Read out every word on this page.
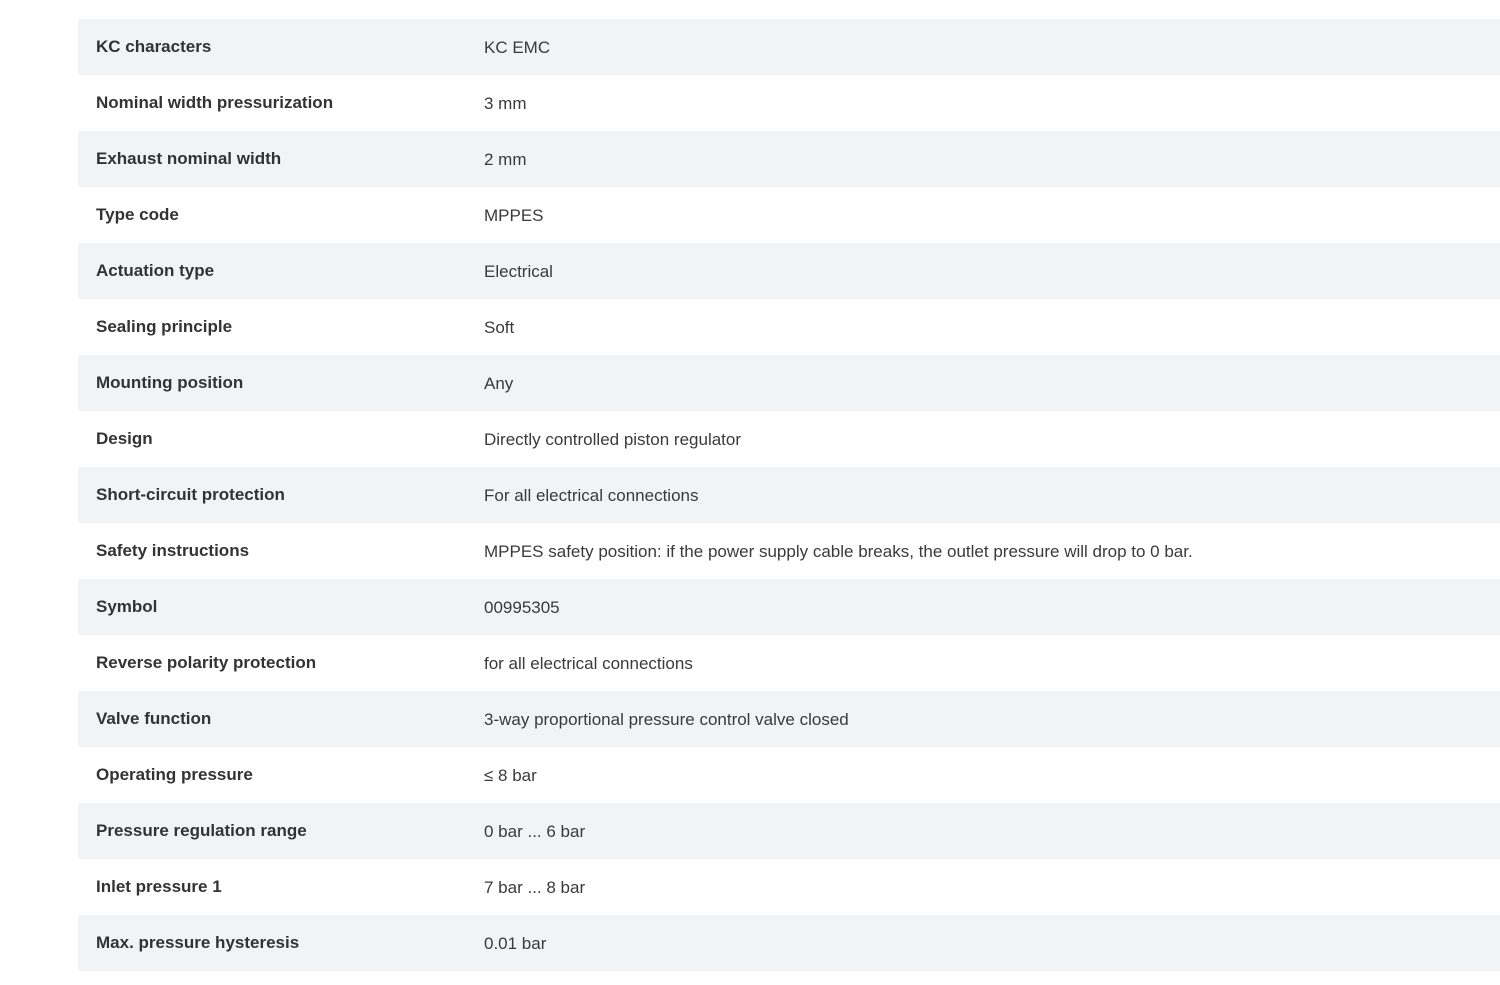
KC characters	KC EMC
Nominal width pressurization	3 mm
Exhaust nominal width	2 mm
Type code	MPPES
Actuation type	Electrical
Sealing principle	Soft
Mounting position	Any
Design	Directly controlled piston regulator
Short-circuit protection	For all electrical connections
Safety instructions	MPPES safety position: if the power supply cable breaks, the outlet pressure will drop to 0 bar.
Symbol	00995305
Reverse polarity protection	for all electrical connections
Valve function	3-way proportional pressure control valve closed
Operating pressure	≤ 8 bar
Pressure regulation range	0 bar ... 6 bar
Inlet pressure 1	7 bar ... 8 bar
Max. pressure hysteresis	0.01 bar
